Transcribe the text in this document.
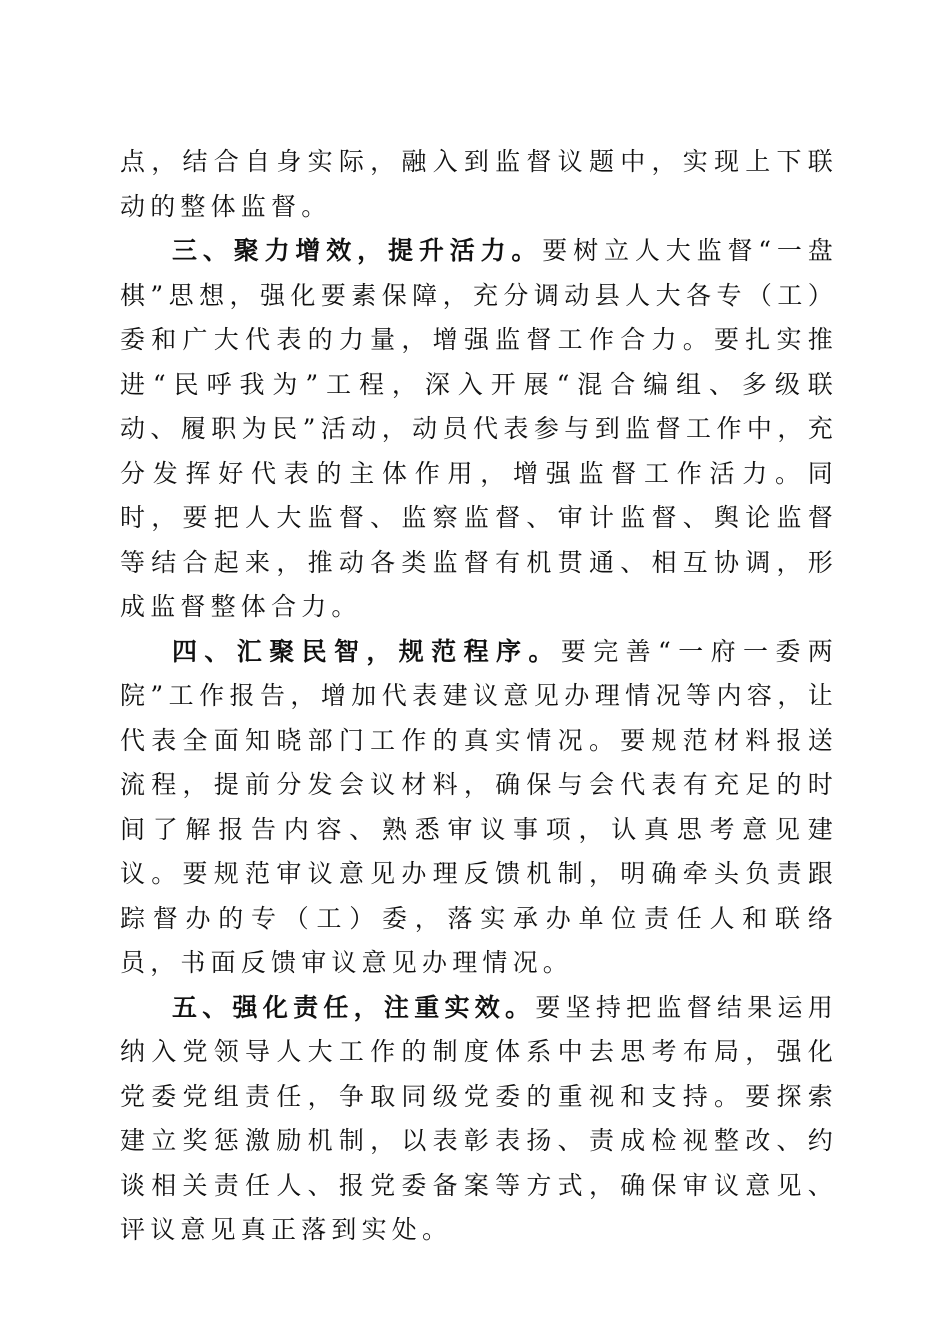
点，结合自身实际，融入到监督议题中，实现上下联动的整体监督。

三、聚力增效，提升活力。要树立人大监督“一盘棋”思想，强化要素保障，充分调动县人大各专（工）委和广大代表的力量，增强监督工作合力。要扎实推进“民呼我为”工程，深入开展“混合编组、多级联动、履职为民”活动，动员代表参与到监督工作中，充分发挥好代表的主体作用，增强监督工作活力。同时，要把人大监督、监察监督、审计监督、舆论监督等结合起来，推动各类监督有机贯通、相互协调，形成监督整体合力。

四、汇聚民智，规范程序。要完善“一府一委两院”工作报告，增加代表建议意见办理情况等内容，让代表全面知晓部门工作的真实情况。要规范材料报送流程，提前分发会议材料，确保与会代表有充足的时间了解报告内容、熟悉审议事项，认真思考意见建议。要规范审议意见办理反馈机制，明确牵头负责跟踪督办的专（工）委，落实承办单位责任人和联络员，书面反馈审议意见办理情况。

五、强化责任，注重实效。要坚持把监督结果运用纳入党领导人大工作的制度体系中去思考布局，强化党委党组责任，争取同级党委的重视和支持。要探索建立奖惩激励机制，以表彰表扬、责成检视整改、约谈相关责任人、报党委备案等方式，确保审议意见、评议意见真正落到实处。
